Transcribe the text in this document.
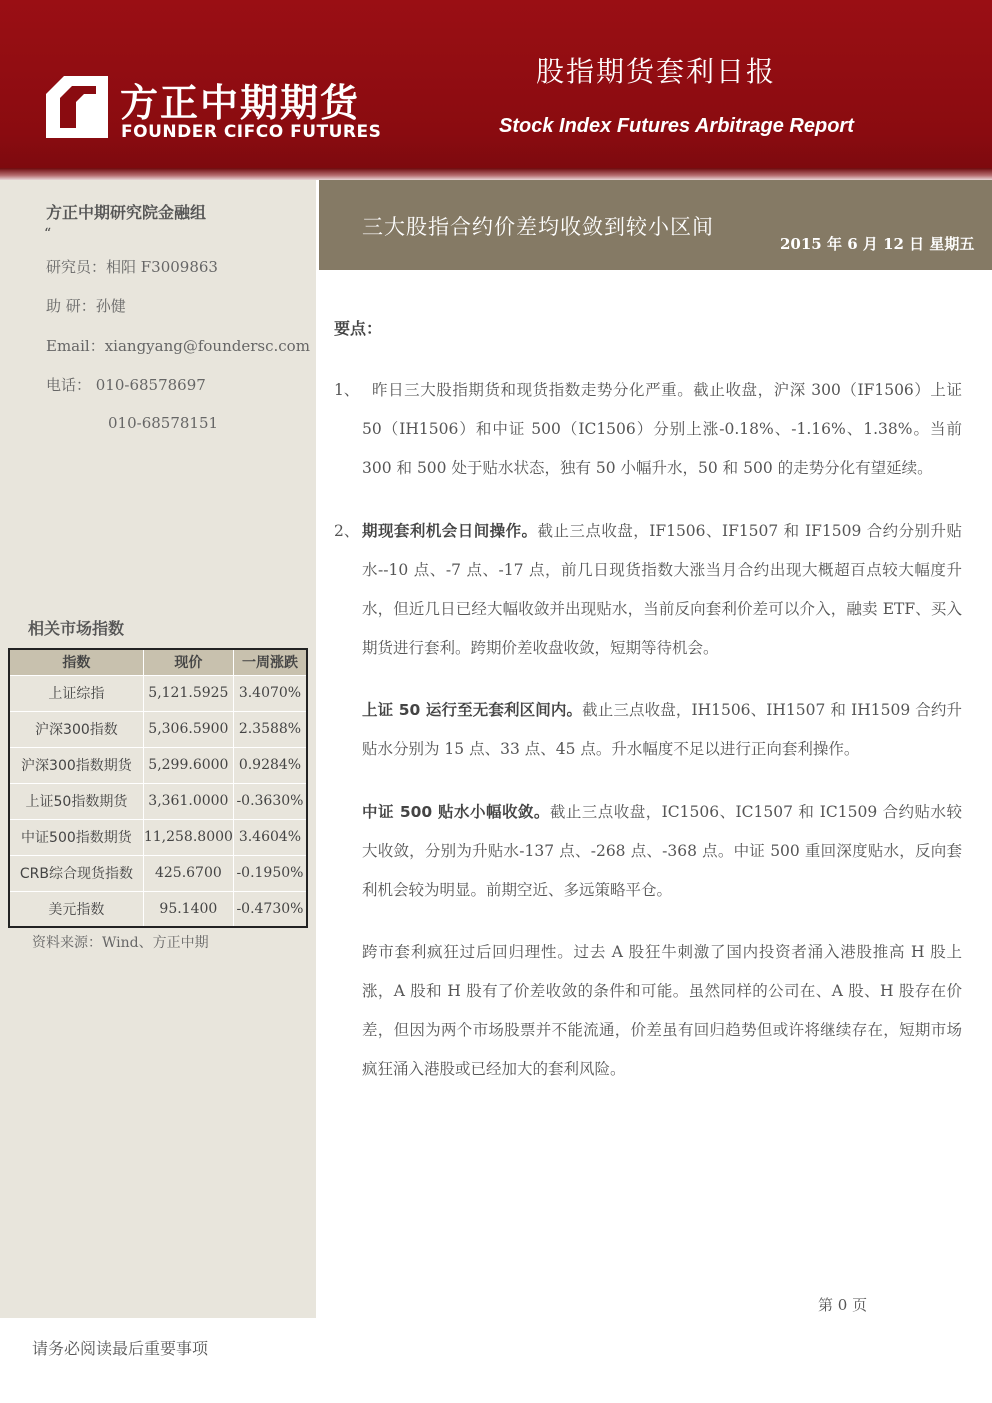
方正中期期货
FOUNDER CIFCO FUTURES
股指期货套利日报
Stock Index Futures Arbitrage Report
方正中期研究院金融组
“
研究员：相阳 F3009863
助 研：孙健
Email：xiangyang@foundersc.com
电话： 010-68578697
010-68578151
相关市场指数
指数	现价	一周涨跌
上证综指	5,121.5925	3.4070%
沪深300指数	5,306.5900	2.3588%
沪深300指数期货	5,299.6000	0.9284%
上证50指数期货	3,361.0000	-0.3630%
中证500指数期货	11,258.8000	3.4604%
CRB综合现货指数	425.6700	-0.1950%
美元指数	95.1400	-0.4730%
资料来源：Wind、方正中期
三大股指合约价差均收敛到较小区间
2015 年 6 月 12 日 星期五
要点：
1、 昨日三大股指期货和现货指数走势分化严重。截止收盘，沪深 300（IF1506）上证 50（IH1506）和中证 500（IC1506）分别上涨-0.18%、-1.16%、1.38%。当前 300 和 500 处于贴水状态，独有 50 小幅升水，50 和 500 的走势分化有望延续。
2、 期现套利机会日间操作。截止三点收盘，IF1506、IF1507 和 IF1509 合约分别升贴水--10 点、-7 点、-17 点，前几日现货指数大涨当月合约出现大概超百点较大幅度升水，但近几日已经大幅收敛并出现贴水，当前反向套利价差可以介入，融卖 ETF、买入期货进行套利。跨期价差收盘收敛，短期等待机会。
上证 50 运行至无套利区间内。截止三点收盘，IH1506、IH1507 和 IH1509 合约升贴水分别为 15 点、33 点、45 点。升水幅度不足以进行正向套利操作。
中证 500 贴水小幅收敛。截止三点收盘，IC1506、IC1507 和 IC1509 合约贴水较大收敛，分别为升贴水-137 点、-268 点、-368 点。中证 500 重回深度贴水，反向套利机会较为明显。前期空近、多远策略平仓。
跨市套利疯狂过后回归理性。过去 A 股狂牛刺激了国内投资者涌入港股推高 H 股上涨，A 股和 H 股有了价差收敛的条件和可能。虽然同样的公司在、A 股、H 股存在价差，但因为两个市场股票并不能流通，价差虽有回归趋势但或许将继续存在，短期市场疯狂涌入港股或已经加大的套利风险。
第 0 页
请务必阅读最后重要事项
